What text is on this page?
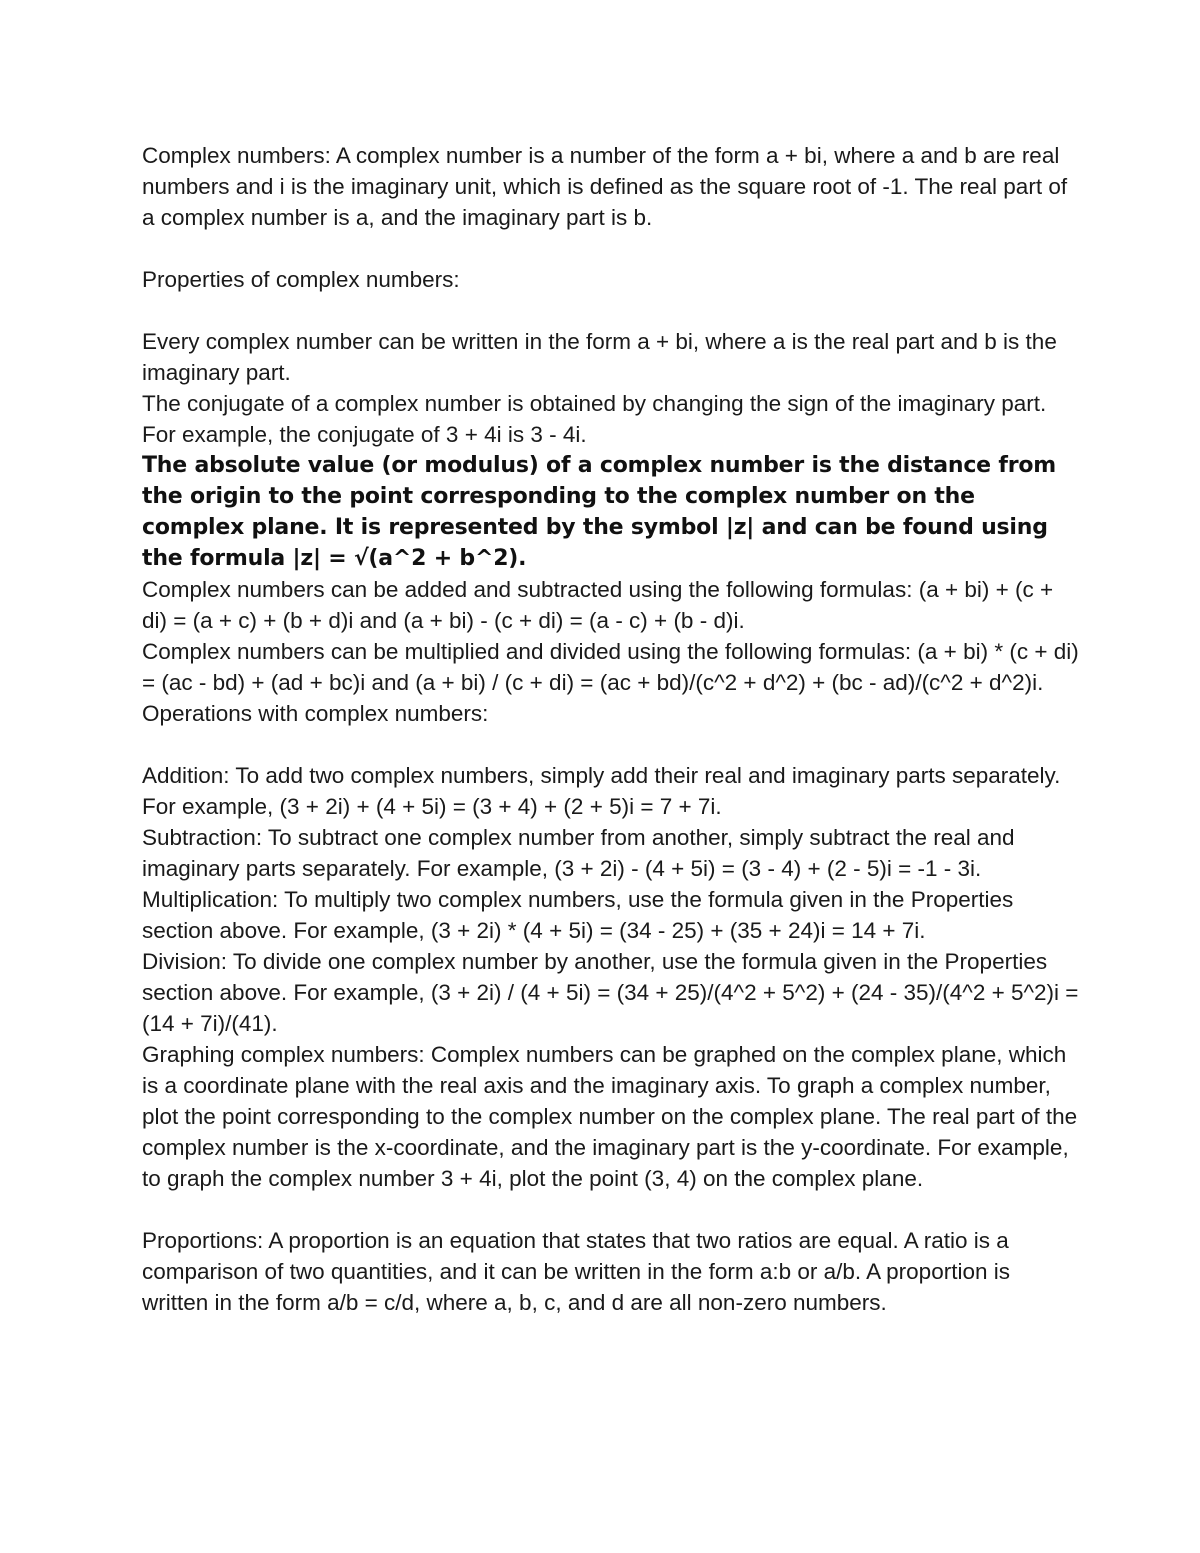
Complex numbers: A complex number is a number of the form a + bi, where a and b are real numbers and i is the imaginary unit, which is defined as the square root of -1. The real part of a complex number is a, and the imaginary part is b.

Properties of complex numbers:

Every complex number can be written in the form a + bi, where a is the real part and b is the imaginary part.

The conjugate of a complex number is obtained by changing the sign of the imaginary part. For example, the conjugate of 3 + 4i is 3 - 4i.

The absolute value (or modulus) of a complex number is the distance from the origin to the point corresponding to the complex number on the complex plane. It is represented by the symbol |z| and can be found using the formula |z| = √(a^2 + b^2).

Complex numbers can be added and subtracted using the following formulas: (a + bi) + (c + di) = (a + c) + (b + d)i and (a + bi) - (c + di) = (a - c) + (b - d)i.

Complex numbers can be multiplied and divided using the following formulas: (a + bi) * (c + di) = (ac - bd) + (ad + bc)i and (a + bi) / (c + di) = (ac + bd)/(c^2 + d^2) + (bc - ad)/(c^2 + d^2)i.

Operations with complex numbers:

Addition: To add two complex numbers, simply add their real and imaginary parts separately. For example, (3 + 2i) + (4 + 5i) = (3 + 4) + (2 + 5)i = 7 + 7i.

Subtraction: To subtract one complex number from another, simply subtract the real and imaginary parts separately. For example, (3 + 2i) - (4 + 5i) = (3 - 4) + (2 - 5)i = -1 - 3i.

Multiplication: To multiply two complex numbers, use the formula given in the Properties section above. For example, (3 + 2i) * (4 + 5i) = (34 - 25) + (35 + 24)i = 14 + 7i.

Division: To divide one complex number by another, use the formula given in the Properties section above. For example, (3 + 2i) / (4 + 5i) = (34 + 25)/(4^2 + 5^2) + (24 - 35)/(4^2 + 5^2)i = (14 + 7i)/(41).

Graphing complex numbers: Complex numbers can be graphed on the complex plane, which is a coordinate plane with the real axis and the imaginary axis. To graph a complex number, plot the point corresponding to the complex number on the complex plane. The real part of the complex number is the x-coordinate, and the imaginary part is the y-coordinate. For example, to graph the complex number 3 + 4i, plot the point (3, 4) on the complex plane.

Proportions: A proportion is an equation that states that two ratios are equal. A ratio is a comparison of two quantities, and it can be written in the form a:b or a/b. A proportion is written in the form a/b = c/d, where a, b, c, and d are all non-zero numbers.
